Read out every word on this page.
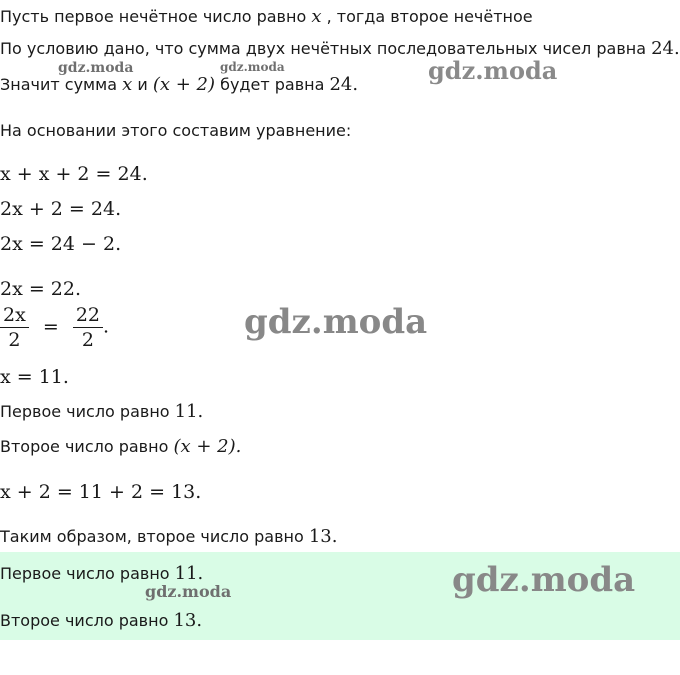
Пусть первое нечётное число равно x , тогда второе нечётное
По условию дано, что сумма двух нечётных последовательных чисел равна 24.
Значит сумма x и (x + 2) будет равна 24.
На основании этого составим уравнение:
x + x + 2 = 24.
2x + 2 = 24.
2x = 24 − 2.
2x = 22.
$\frac{2x}{2} = \frac{22}{2}$ .
x = 11.
Первое число равно 11.
Второе число равно (x + 2).
x + 2 = 11 + 2 = 13.
Таким образом, второе число равно 13.
Первое число равно 11.
Второе число равно 13.
gdz.moda	gdz.moda	gdz.moda
gdz.moda
gdz.moda
gdz.moda
